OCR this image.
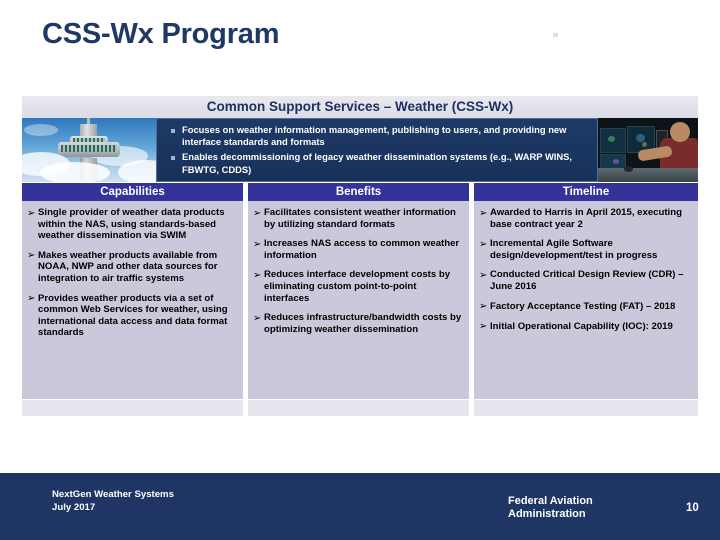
CSS-Wx Program
Common Support Services – Weather (CSS-Wx)
Focuses on weather information management, publishing to users, and providing new interface standards and formats
Enables decommissioning of legacy weather dissemination systems (e.g., WARP WINS, FBWTG, CDDS)
Capabilities
➢ Single provider of weather data products within the NAS, using standards-based weather dissemination via SWIM
➢ Makes weather products available from NOAA, NWP and other data sources for integration to air traffic systems
➢ Provides weather products via a set of common Web Services for weather, using international data access and data format standards
Benefits
➢ Facilitates consistent weather information by utilizing standard formats
➢ Increases NAS access to common weather information
➢ Reduces interface development costs by eliminating custom point-to-point interfaces
➢ Reduces infrastructure/bandwidth costs by optimizing weather dissemination
Timeline
➢ Awarded to Harris in April 2015, executing base contract year 2
➢ Incremental Agile Software design/development/test in progress
➢ Conducted Critical Design Review (CDR) – June 2016
➢ Factory Acceptance Testing (FAT) – 2018
➢ Initial Operational Capability (IOC): 2019
NextGen Weather Systems
July 2017	Federal Aviation
Administration	10
